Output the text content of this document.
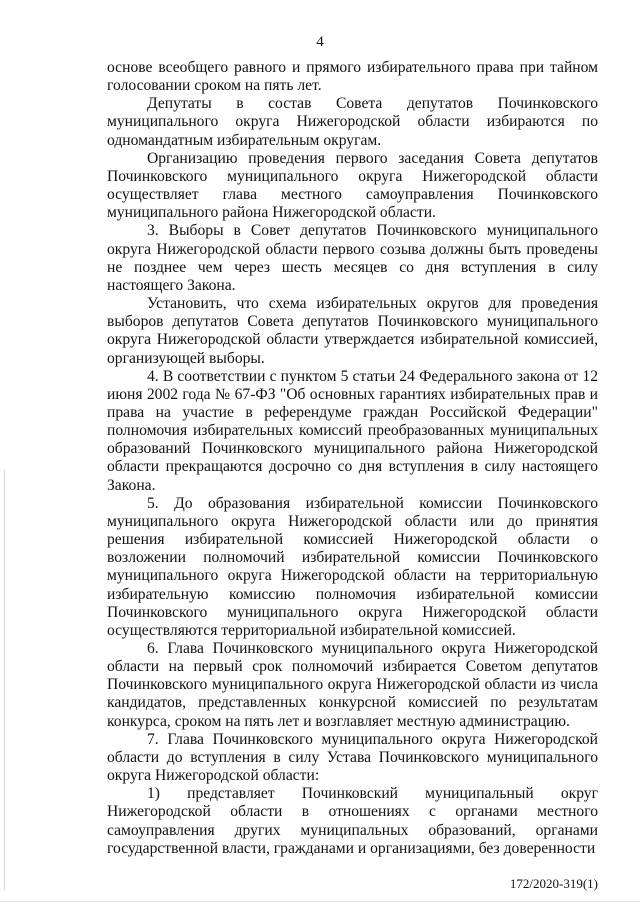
4

основе всеобщего равного и прямого избирательного права при тайном голосовании сроком на пять лет.

Депутаты в состав Совета депутатов Починковского муниципального округа Нижегородской области избираются по одномандатным избирательным округам.

Организацию проведения первого заседания Совета депутатов Починковского муниципального округа Нижегородской области осуществляет глава местного самоуправления Починковского муниципального района Нижегородской области.

3. Выборы в Совет депутатов Починковского муниципального округа Нижегородской области первого созыва должны быть проведены не позднее чем через шесть месяцев со дня вступления в силу настоящего Закона.

Установить, что схема избирательных округов для проведения выборов депутатов Совета депутатов Починковского муниципального округа Нижегородской области утверждается избирательной комиссией, организующей выборы.

4. В соответствии с пунктом 5 статьи 24 Федерального закона от 12 июня 2002 года № 67-ФЗ "Об основных гарантиях избирательных прав и права на участие в референдуме граждан Российской Федерации" полномочия избирательных комиссий преобразованных муниципальных образований Починковского муниципального района Нижегородской области прекращаются досрочно со дня вступления в силу настоящего Закона.

5. До образования избирательной комиссии Починковского муниципального округа Нижегородской области или до принятия решения избирательной комиссией Нижегородской области о возложении полномочий избирательной комиссии Починковского муниципального округа Нижегородской области на территориальную избирательную комиссию полномочия избирательной комиссии Починковского муниципального округа Нижегородской области осуществляются территориальной избирательной комиссией.

6. Глава Починковского муниципального округа Нижегородской области на первый срок полномочий избирается Советом депутатов Починковского муниципального округа Нижегородской области из числа кандидатов, представленных конкурсной комиссией по результатам конкурса, сроком на пять лет и возглавляет местную администрацию.

7. Глава Починковского муниципального округа Нижегородской области до вступления в силу Устава Починковского муниципального округа Нижегородской области:

1) представляет Починковский муниципальный округ Нижегородской области в отношениях с органами местного самоуправления других муниципальных образований, органами государственной власти, гражданами и организациями, без доверенности

172/2020-319(1)
